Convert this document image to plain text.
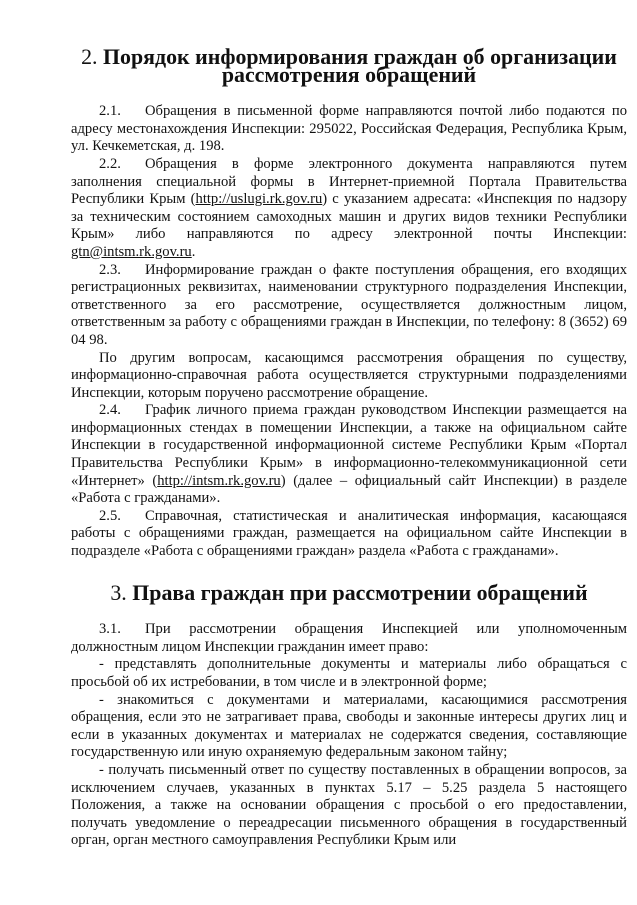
2. Порядок информирования граждан об организации рассмотрения обращений

2.1. Обращения в письменной форме направляются почтой либо подаются по адресу местонахождения Инспекции: 295022, Российская Федерация, Республика Крым, ул. Кечкеметская, д. 198.

2.2. Обращения в форме электронного документа направляются путем заполнения специальной формы в Интернет-приемной Портала Правительства Республики Крым (http://uslugi.rk.gov.ru) с указанием адресата: «Инспекция по надзору за техническим состоянием самоходных машин и других видов техники Республики Крым» либо направляются по адресу электронной почты Инспекции: gtn@intsm.rk.gov.ru.

2.3. Информирование граждан о факте поступления обращения, его входящих регистрационных реквизитах, наименовании структурного подразделения Инспекции, ответственного за его рассмотрение, осуществляется должностным лицом, ответственным за работу с обращениями граждан в Инспекции, по телефону: 8 (3652) 69 04 98.

По другим вопросам, касающимся рассмотрения обращения по существу, информационно-справочная работа осуществляется структурными подразделениями Инспекции, которым поручено рассмотрение обращение.

2.4. График личного приема граждан руководством Инспекции размещается на информационных стендах в помещении Инспекции, а также на официальном сайте Инспекции в государственной информационной системе Республики Крым «Портал Правительства Республики Крым» в информационно-телекоммуникационной сети «Интернет» (http://intsm.rk.gov.ru) (далее – официальный сайт Инспекции) в разделе «Работа с гражданами».

2.5. Справочная, статистическая и аналитическая информация, касающаяся работы с обращениями граждан, размещается на официальном сайте Инспекции в подразделе «Работа с обращениями граждан» раздела «Работа с гражданами».

3. Права граждан при рассмотрении обращений

3.1. При рассмотрении обращения Инспекцией или уполномоченным должностным лицом Инспекции гражданин имеет право:

- представлять дополнительные документы и материалы либо обращаться с просьбой об их истребовании, в том числе и в электронной форме;

- знакомиться с документами и материалами, касающимися рассмотрения обращения, если это не затрагивает права, свободы и законные интересы других лиц и если в указанных документах и материалах не содержатся сведения, составляющие государственную или иную охраняемую федеральным законом тайну;

- получать письменный ответ по существу поставленных в обращении вопросов, за исключением случаев, указанных в пунктах 5.17 – 5.25 раздела 5 настоящего Положения, а также на основании обращения с просьбой о его предоставлении, получать уведомление о переадресации письменного обращения в государственный орган, орган местного самоуправления Республики Крым или
